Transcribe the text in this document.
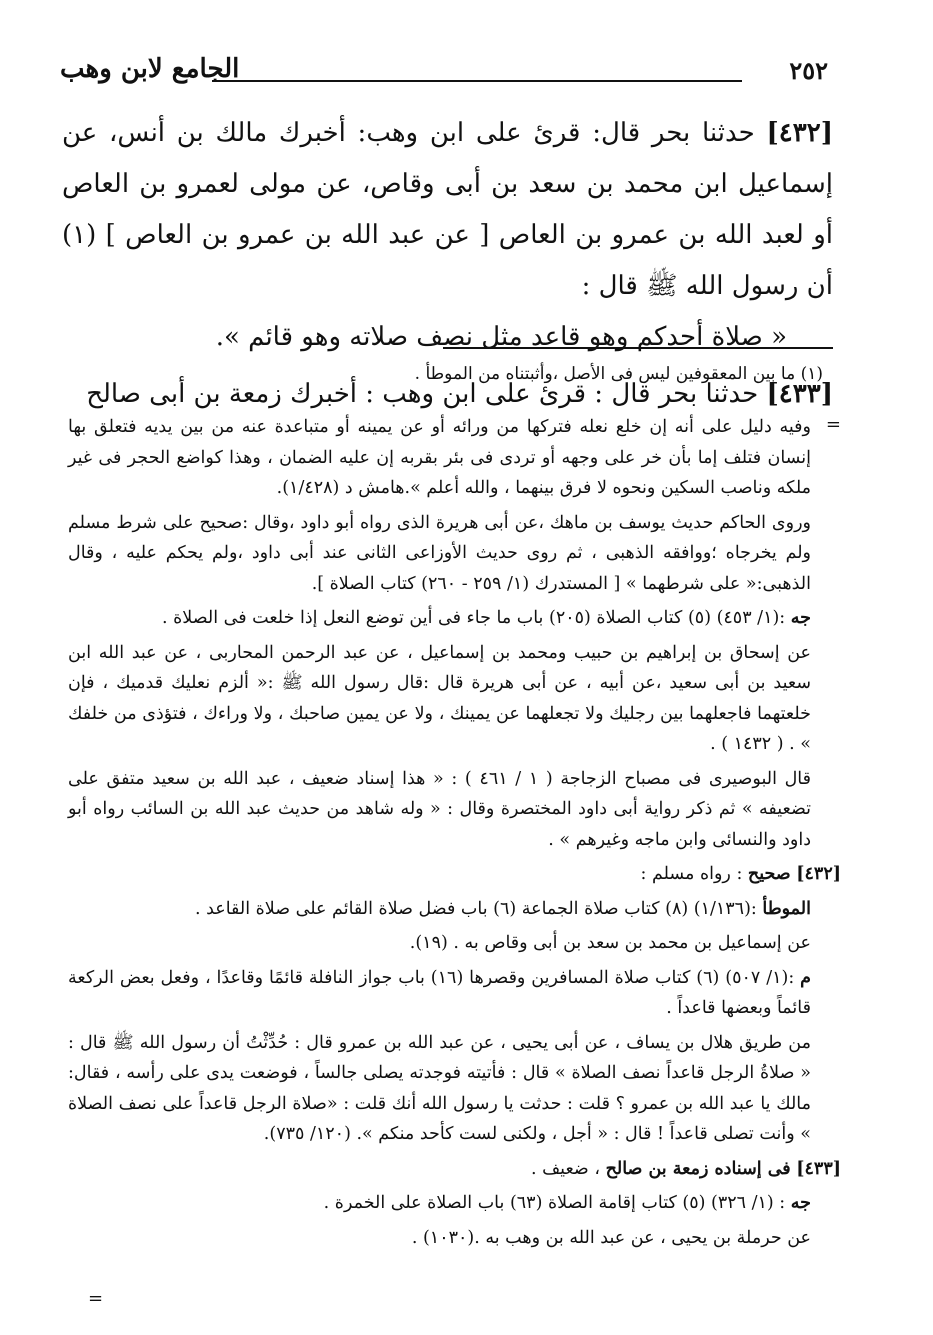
٢٥٢
الجامع لابن وهب

[٤٣٢] حدثنا بحر قال: قرئ على ابن وهب: أخبرك مالك بن أنس، عن إسماعيل ابن محمد بن سعد بن أبى وقاص، عن مولى لعمرو بن العاص أو لعبد الله بن عمرو بن العاص [ عن عبد الله بن عمرو بن العاص ] (١) أن رسول الله ﷺ قال :

« صلاة أحدكم وهو قاعد مثل نصف صلاته وهو قائم ».

[٤٣٣] حدثنا بحر قال : قرئ على ابن وهب : أخبرك زمعة بن أبى صالح

(١) ما بين المعقوفين ليس فى الأصل ،وأثبتناه من الموطأ .
=

وفيه دليل على أنه إن خلع نعله فتركها من ورائه أو عن يمينه أو متباعدة عنه من بين يديه فتعلق بها إنسان فتلف إما بأن خر على وجهه أو تردى فى بئر بقربه إن عليه الضمان ، وهذا كواضع الحجر فى غير ملكه وناصب السكين ونحوه لا فرق بينهما ، والله أعلم ».هامش د (١/٤٢٨).

وروى الحاكم حديث يوسف بن ماهك ،عن أبى هريرة الذى رواه أبو داود ،وقال :صحيح على شرط مسلم ولم يخرجاه ؛ووافقه الذهبى ، ثم روى حديث الأوزاعى الثانى عند أبى داود ،ولم يحكم عليه ، وقال الذهبى:« على شرطهما » [ المستدرك (١/ ٢٥٩ - ٢٦٠) كتاب الصلاة ].

جه :(١/ ٤٥٣) (٥) كتاب الصلاة (٢٠٥) باب ما جاء فى أين توضع النعل إذا خلعت فى الصلاة .

عن إسحاق بن إبراهيم بن حبيب ومحمد بن إسماعيل ، عن عبد الرحمن المحاربى ، عن عبد الله ابن سعيد بن أبى سعيد ،عن أبيه ، عن أبى هريرة قال :قال رسول الله ﷺ :« ألزم نعليك قدميك ، فإن خلعتهما فاجعلهما بين رجليك ولا تجعلهما عن يمينك ، ولا عن يمين صاحبك ، ولا وراءك ، فتؤذى من خلفك » . ( ١٤٣٢ ) .

قال البوصيرى فى مصباح الزجاجة ( ١ / ٤٦١ ) : « هذا إسناد ضعيف ، عبد الله بن سعيد متفق على تضعيفه » ثم ذكر رواية أبى داود المختصرة وقال : « وله شاهد من حديث عبد الله بن السائب رواه أبو داود والنسائى وابن ماجه وغيرهم » .

[٤٣٢] صحيح : رواه مسلم :

الموطأ :(١/١٣٦) (٨) كتاب صلاة الجماعة (٦) باب فضل صلاة القائم على صلاة القاعد .

عن إسماعيل بن محمد بن سعد بن أبى وقاص به . (١٩).

م :(١/ ٥٠٧) (٦) كتاب صلاة المسافرين وقصرها (١٦) باب جواز النافلة قائمًا وقاعدًا ، وفعل بعض الركعة قائماً وبعضها قاعداً .

من طريق هلال بن يساف ، عن أبى يحيى ، عن عبد الله بن عمرو قال : حُدِّثْتُ أن رسول الله ﷺ قال : « صلاةُ الرجل قاعداً نصف الصلاة » قال : فأتيته فوجدته يصلى جالساً ، فوضعت يدى على رأسه ، فقال: مالك يا عبد الله بن عمرو ؟ قلت : حدثت يا رسول الله أنك قلت : «صلاة الرجل قاعداً على نصف الصلاة » وأنت تصلى قاعداً ! قال : « أجل ، ولكنى لست كأحد منكم ». (١٢٠/ ٧٣٥).

[٤٣٣] فى إسناده زمعة بن صالح ، ضعيف .

جه : (١/ ٣٢٦) (٥) كتاب إقامة الصلاة (٦٣) باب الصلاة على الخمرة .

عن حرملة بن يحيى ، عن عبد الله بن وهب به .(١٠٣٠) .

=
